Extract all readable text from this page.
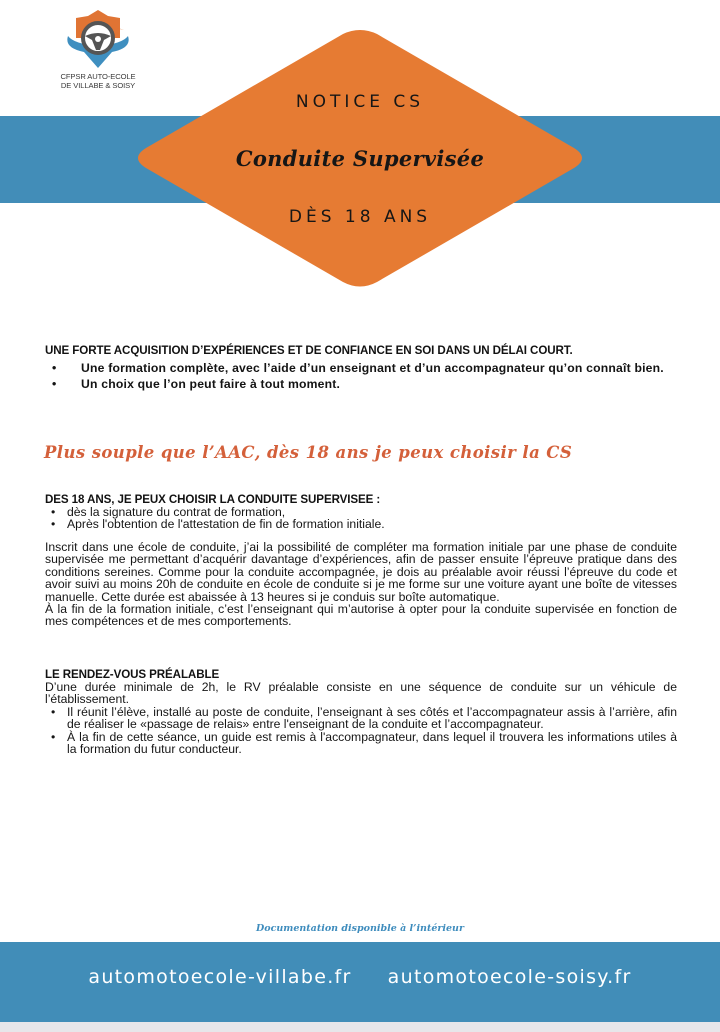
CFPSR AUTO-ECOLE
DE VILLABE & SOISY
NOTICE CS
Conduite Supervisée
DÈS 18 ANS
UNE FORTE ACQUISITION D’EXPÉRIENCES ET DE CONFIANCE EN SOI DANS UN DÉLAI COURT.
• Une formation complète, avec l’aide d’un enseignant et d’un accompagnateur qu’on connaît bien.
• Un choix que l’on peut faire à tout moment.
Plus souple que l’AAC, dès 18 ans je peux choisir la CS
DES 18 ANS, JE PEUX CHOISIR LA CONDUITE SUPERVISEE :
• dès la signature du contrat de formation,
• Après l'obtention de l'attestation de fin de formation initiale.
Inscrit dans une école de conduite, j’ai la possibilité de compléter ma formation initiale par une phase de conduite supervisée me permettant d’acquérir davantage d’expériences, afin de passer ensuite l’épreuve pratique dans des conditions sereines. Comme pour la conduite accompagnée, je dois au préalable avoir réussi l’épreuve du code et avoir suivi au moins 20h de conduite en école de conduite si je me forme sur une voiture ayant une boîte de vitesses manuelle. Cette durée est abaissée à 13 heures si je conduis sur boîte automatique.
À la fin de la formation initiale, c’est l’enseignant qui m’autorise à opter pour la conduite supervisée en fonction de mes compétences et de mes comportements.
LE RENDEZ-VOUS PRÉALABLE
D’une durée minimale de 2h, le RV préalable consiste en une séquence de conduite sur un véhicule de l’établissement.
• Il réunit l’élève, installé au poste de conduite, l’enseignant à ses côtés et l’accompagnateur assis à l’arrière, afin de réaliser le «passage de relais» entre l'enseignant de la conduite et l’accompagnateur.
• À la fin de cette séance, un guide est remis à l'accompagnateur, dans lequel il trouvera les informations utiles à la formation du futur conducteur.
Documentation disponible à l’intérieur
automotoecole-villabe.fr automotoecole-soisy.fr
